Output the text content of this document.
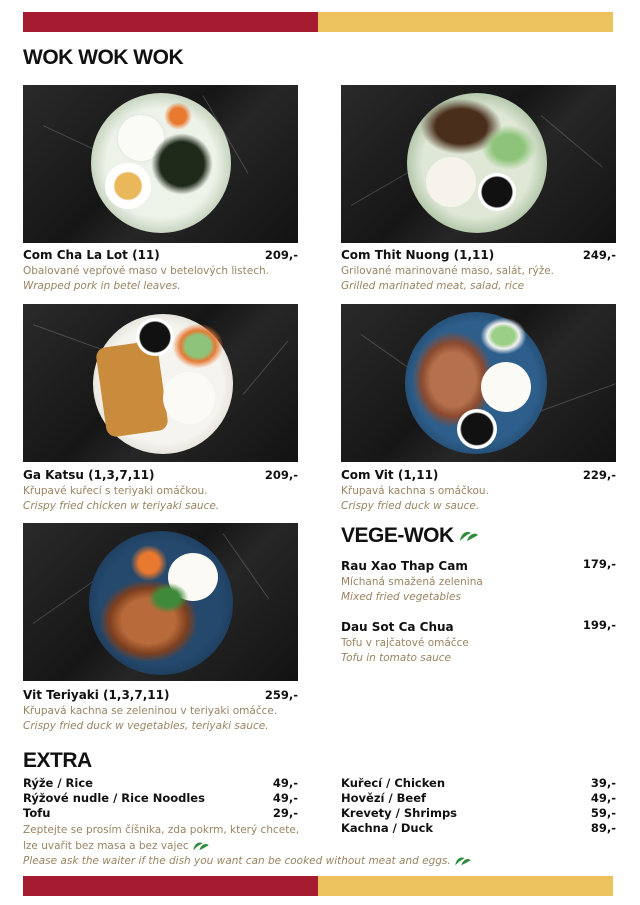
WOK WOK WOK
Com Cha La Lot (11)	209,-
Obalované vepřové maso v betelových listech.
Wrapped pork in betel leaves.
Com Thit Nuong (1,11)	249,-
Grilované marinované maso, salát, rýže.
Grilled marinated meat, salad, rice
Ga Katsu (1,3,7,11)	209,-
Křupavé kuřecí s teriyaki omáčkou.
Crispy fried chicken w teriyaki sauce.
Com Vit (1,11)	229,-
Křupavá kachna s omáčkou.
Crispy fried duck w sauce.
Vit Teriyaki (1,3,7,11)	259,-
Křupavá kachna se zeleninou v teriyaki omáčce.
Crispy fried duck w vegetables, teriyaki sauce.
VEGE-WOK
Rau Xao Thap Cam	179,-
Míchaná smažená zelenina
Mixed fried vegetables
Dau Sot Ca Chua	199,-
Tofu v rajčatové omáčce
Tofu in tomato sauce
EXTRA
Rýže / Rice	49,-
Rýžové nudle / Rice Noodles	49,-
Tofu	29,-
Kuřecí / Chicken	39,-
Hovězí / Beef	49,-
Krevety / Shrimps	59,-
Kachna / Duck	89,-
Zeptejte se prosím číšnika, zda pokrm, který chcete,
lze uvařit bez masa a bez vajec
Please ask the waiter if the dish you want can be cooked without meat and eggs.
